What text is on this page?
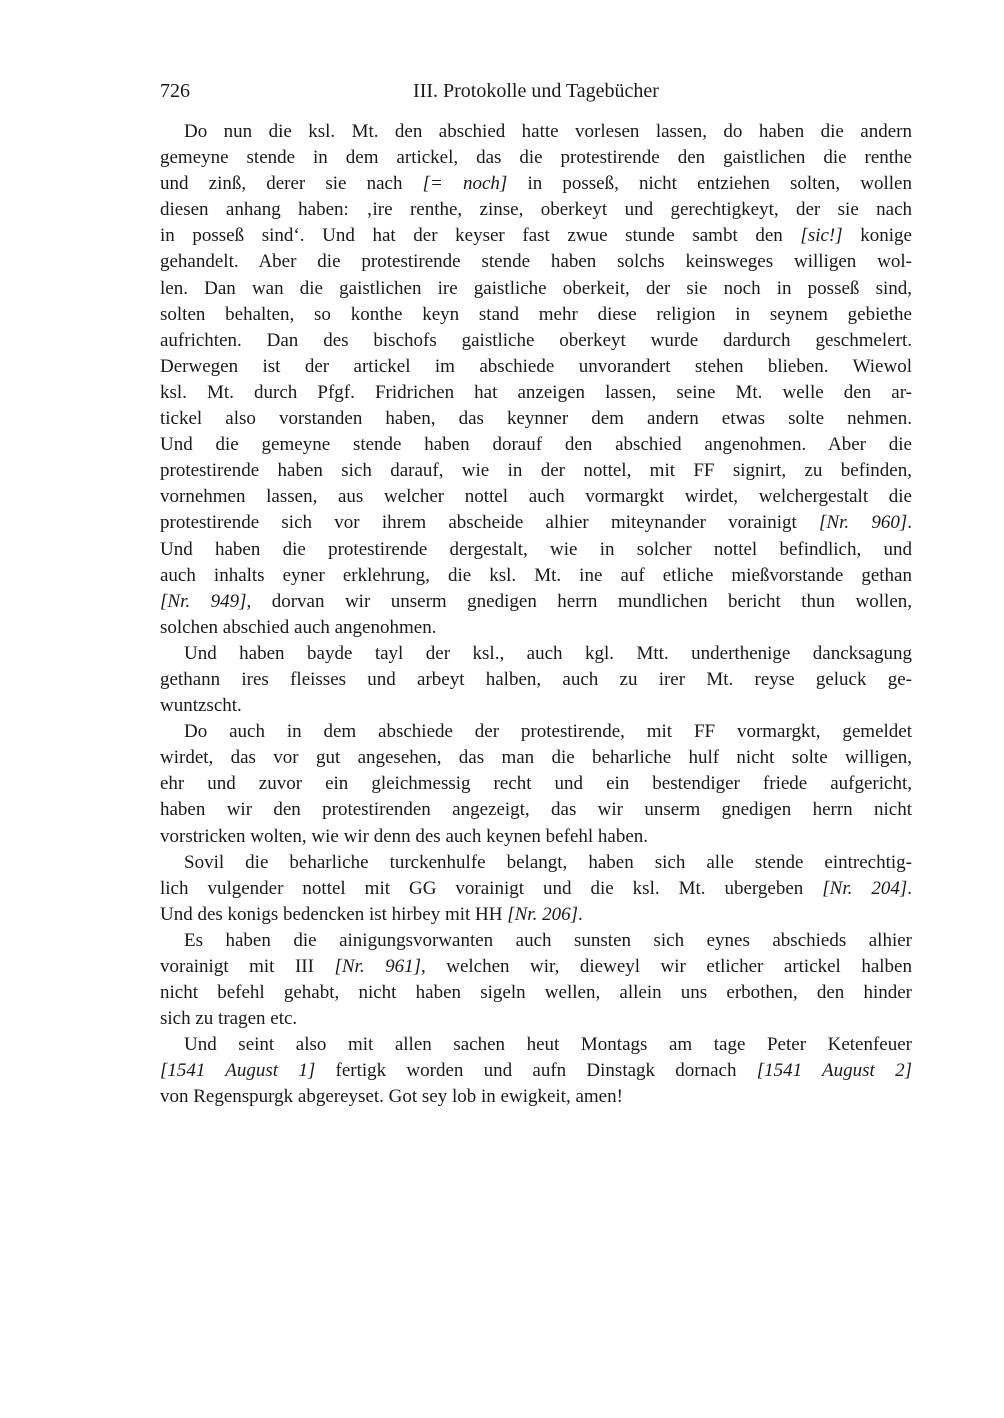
726	III. Protokolle und Tagebücher
Do nun die ksl. Mt. den abschied hatte vorlesen lassen, do haben die andern
gemeyne stende in dem artickel, das die protestirende den gaistlichen die renthe
und zinß, derer sie nach [= noch] in posseß, nicht entziehen solten, wollen
diesen anhang haben: ‚ire renthe, zinse, oberkeyt und gerechtigkeyt, der sie nach
in posseß sind‘. Und hat der keyser fast zwue stunde sambt den [sic!] konige
gehandelt. Aber die protestirende stende haben solchs keinsweges willigen wol-
len. Dan wan die gaistlichen ire gaistliche oberkeit, der sie noch in posseß sind,
solten behalten, so konthe keyn stand mehr diese religion in seynem gebiethe
aufrichten. Dan des bischofs gaistliche oberkeyt wurde dardurch geschmelert.
Derwegen ist der artickel im abschiede unvorandert stehen blieben. Wiewol
ksl. Mt. durch Pfgf. Fridrichen hat anzeigen lassen, seine Mt. welle den ar-
tickel also vorstanden haben, das keynner dem andern etwas solte nehmen.
Und die gemeyne stende haben dorauf den abschied angenohmen. Aber die
protestirende haben sich darauf, wie in der nottel, mit FF signirt, zu befinden,
vornehmen lassen, aus welcher nottel auch vormargkt wirdet, welchergestalt die
protestirende sich vor ihrem abscheide alhier miteynander vorainigt [Nr. 960].
Und haben die protestirende dergestalt, wie in solcher nottel befindlich, und
auch inhalts eyner erklehrung, die ksl. Mt. ine auf etliche mießvorstande gethan
[Nr. 949], dorvan wir unserm gnedigen herrn mundlichen bericht thun wollen,
solchen abschied auch angenohmen.
Und haben bayde tayl der ksl., auch kgl. Mtt. underthenige dancksagung
gethann ires fleisses und arbeyt halben, auch zu irer Mt. reyse geluck ge-
wuntzscht.
Do auch in dem abschiede der protestirende, mit FF vormargkt, gemeldet
wirdet, das vor gut angesehen, das man die beharliche hulf nicht solte willigen,
ehr und zuvor ein gleichmessig recht und ein bestendiger friede aufgericht,
haben wir den protestirenden angezeigt, das wir unserm gnedigen herrn nicht
vorstricken wolten, wie wir denn des auch keynen befehl haben.
Sovil die beharliche turckenhulfe belangt, haben sich alle stende eintrechtig-
lich vulgender nottel mit GG vorainigt und die ksl. Mt. ubergeben [Nr. 204].
Und des konigs bedencken ist hirbey mit HH [Nr. 206].
Es haben die ainigungsvorwanten auch sunsten sich eynes abschieds alhier
vorainigt mit III [Nr. 961], welchen wir, dieweyl wir etlicher artickel halben
nicht befehl gehabt, nicht haben sigeln wellen, allein uns erbothen, den hinder
sich zu tragen etc.
Und seint also mit allen sachen heut Montags am tage Peter Ketenfeuer
[1541 August 1] fertigk worden und aufn Dinstagk dornach [1541 August 2]
von Regenspurgk abgereyset. Got sey lob in ewigkeit, amen!
